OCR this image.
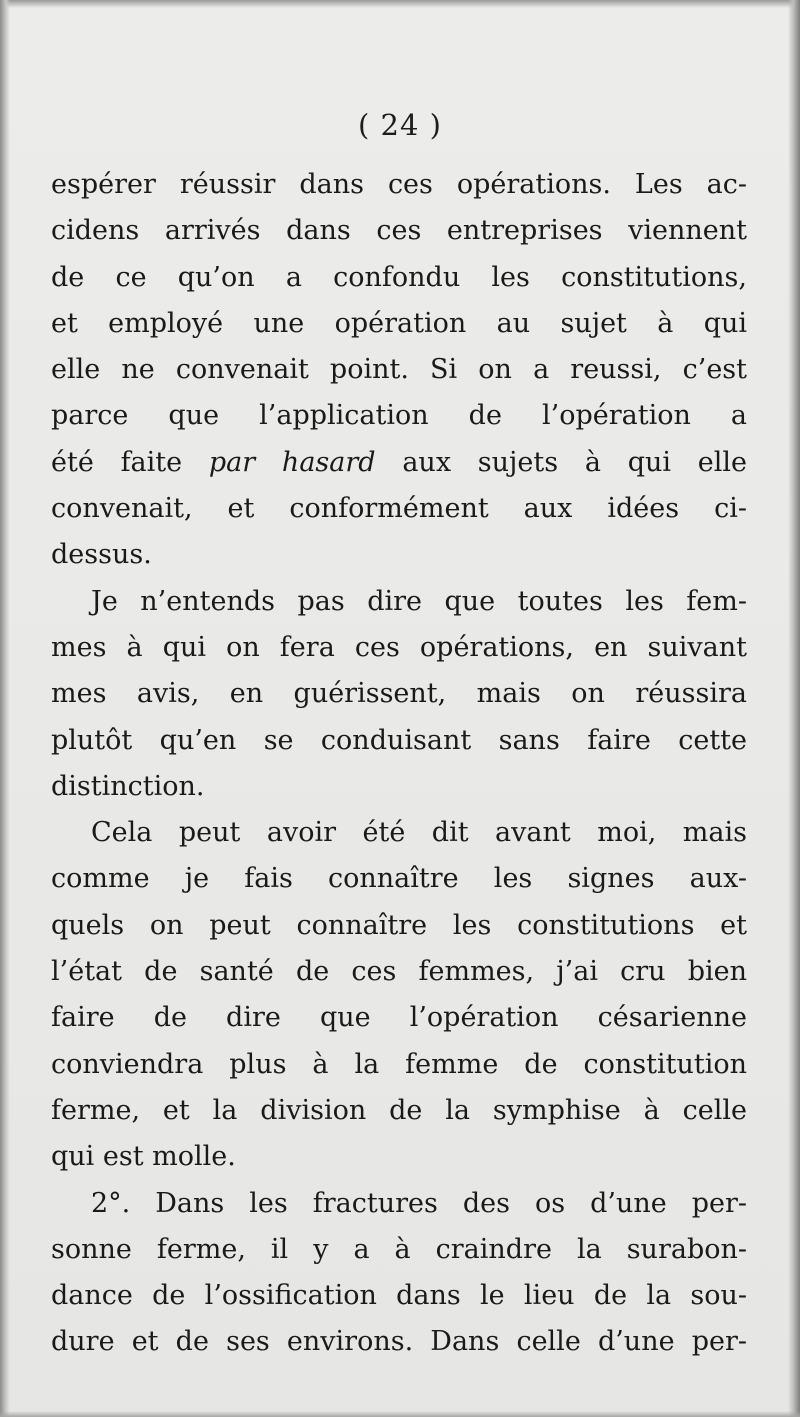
( 24 )
espérer réussir dans ces opérations. Les ac-
cidens arrivés dans ces entreprises viennent
de ce qu’on a confondu les constitutions,
et employé une opération au sujet à qui
elle ne convenait point. Si on a reussi, c’est
parce que l’application de l’opération a
été faite par hasard aux sujets à qui elle
convenait, et conformément aux idées ci-
dessus.
Je n’entends pas dire que toutes les fem-
mes à qui on fera ces opérations, en suivant
mes avis, en guérissent, mais on réussira
plutôt qu’en se conduisant sans faire cette
distinction.
Cela peut avoir été dit avant moi, mais
comme je fais connaître les signes aux-
quels on peut connaître les constitutions et
l’état de santé de ces femmes, j’ai cru bien
faire de dire que l’opération césarienne
conviendra plus à la femme de constitution
ferme, et la division de la symphise à celle
qui est molle.
2°. Dans les fractures des os d’une per-
sonne ferme, il y a à craindre la surabon-
dance de l’ossification dans le lieu de la sou-
dure et de ses environs. Dans celle d’une per-
